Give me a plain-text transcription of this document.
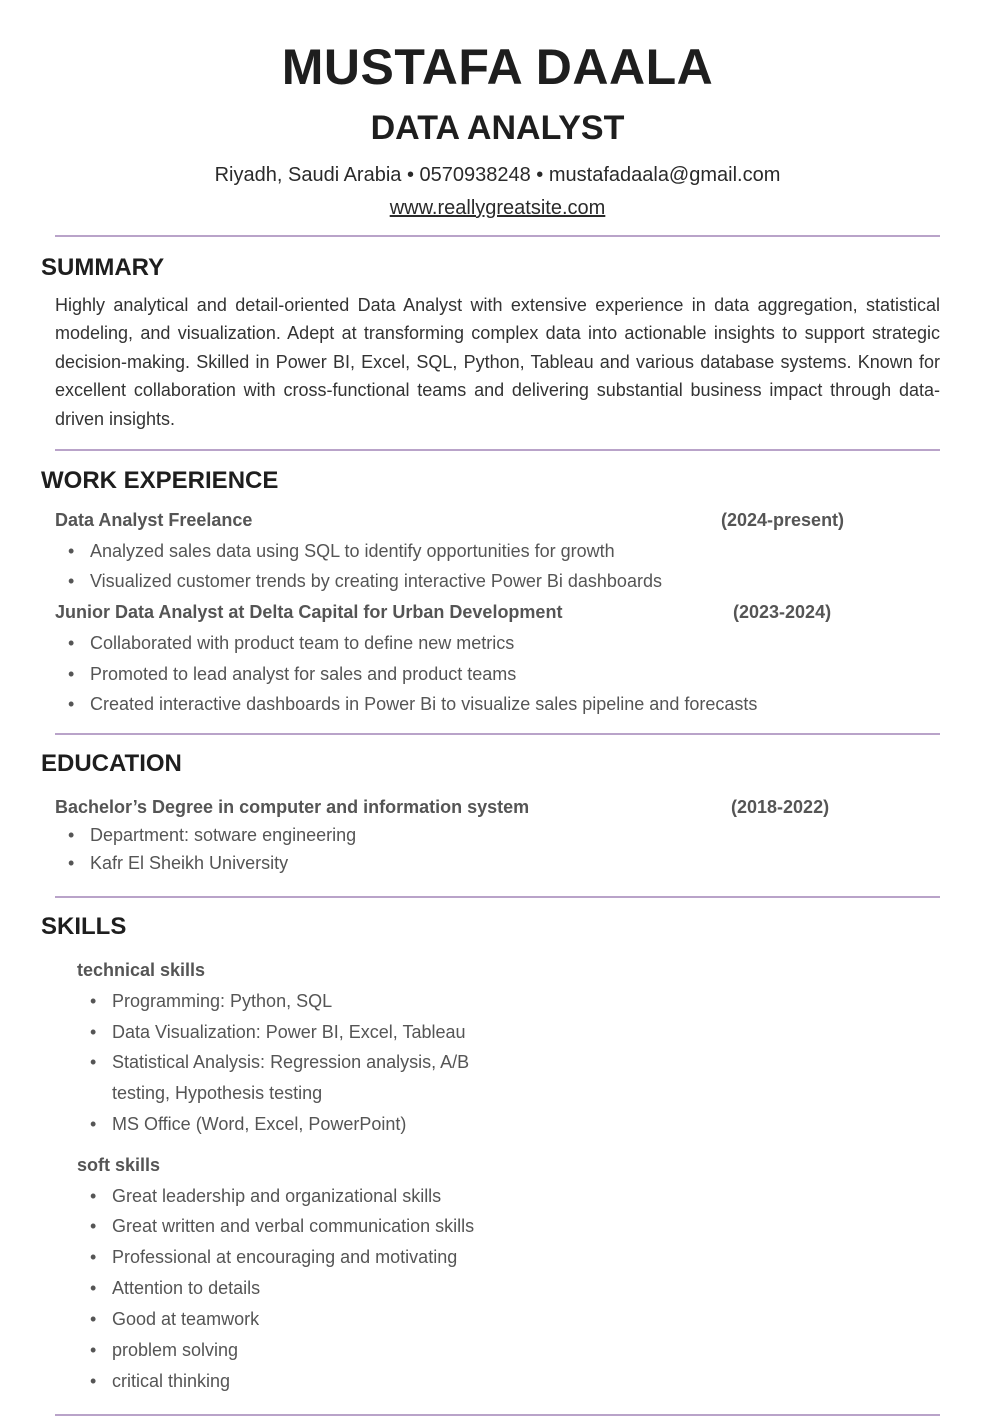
MUSTAFA DAALA
DATA ANALYST
Riyadh, Saudi Arabia • 0570938248 • mustafadaala@gmail.com
www.reallygreatsite.com
SUMMARY
Highly analytical and detail-oriented Data Analyst with extensive experience in data aggregation, statistical modeling, and visualization. Adept at transforming complex data into actionable insights to support strategic decision-making. Skilled in Power BI, Excel, SQL, Python, Tableau and various database systems. Known for excellent collaboration with cross-functional teams and delivering substantial business impact through data-driven insights.
WORK EXPERIENCE
Data Analyst Freelance	(2024-present)
• Analyzed sales data using SQL to identify opportunities for growth
• Visualized customer trends by creating interactive Power Bi dashboards
Junior Data Analyst at Delta Capital for Urban Development	(2023-2024)
• Collaborated with product team to define new metrics
• Promoted to lead analyst for sales and product teams
• Created interactive dashboards in Power Bi to visualize sales pipeline and forecasts
EDUCATION
Bachelor’s Degree in computer and information system	(2018-2022)
• Department: sotware engineering
• Kafr El Sheikh University
SKILLS
technical skills
• Programming: Python, SQL
• Data Visualization: Power BI, Excel, Tableau
• Statistical Analysis: Regression analysis, A/B
testing, Hypothesis testing
• MS Office (Word, Excel, PowerPoint)
soft skills
• Great leadership and organizational skills
• Great written and verbal communication skills
• Professional at encouraging and motivating
• Attention to details
• Good at teamwork
• problem solving
• critical thinking
